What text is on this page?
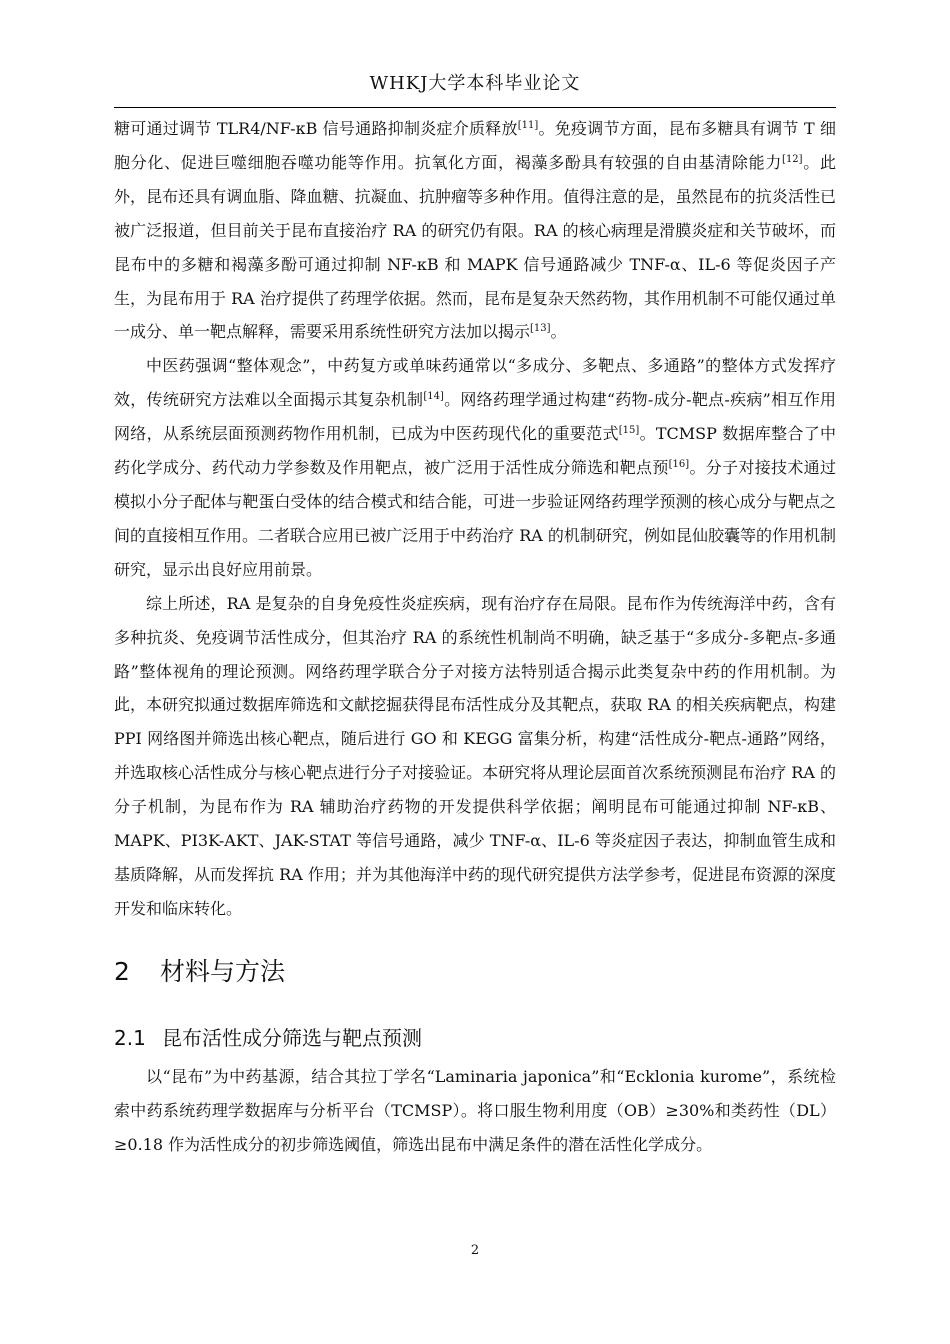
WHKJ大学本科毕业论文

糖可通过调节 TLR4/NF-κB 信号通路抑制炎症介质释放[11]。免疫调节方面，昆布多糖具有调节 T 细胞分化、促进巨噬细胞吞噬功能等作用。抗氧化方面，褐藻多酚具有较强的自由基清除能力[12]。此外，昆布还具有调血脂、降血糖、抗凝血、抗肿瘤等多种作用。值得注意的是，虽然昆布的抗炎活性已被广泛报道，但目前关于昆布直接治疗 RA 的研究仍有限。RA 的核心病理是滑膜炎症和关节破坏，而昆布中的多糖和褐藻多酚可通过抑制 NF-κB 和 MAPK 信号通路减少 TNF-α、IL-6 等促炎因子产生，为昆布用于 RA 治疗提供了药理学依据。然而，昆布是复杂天然药物，其作用机制不可能仅通过单一成分、单一靶点解释，需要采用系统性研究方法加以揭示[13]。

中医药强调“整体观念”，中药复方或单味药通常以“多成分、多靶点、多通路”的整体方式发挥疗效，传统研究方法难以全面揭示其复杂机制[14]。网络药理学通过构建“药物-成分-靶点-疾病”相互作用网络，从系统层面预测药物作用机制，已成为中医药现代化的重要范式[15]。TCMSP 数据库整合了中药化学成分、药代动力学参数及作用靶点，被广泛用于活性成分筛选和靶点预[16]。分子对接技术通过模拟小分子配体与靶蛋白受体的结合模式和结合能，可进一步验证网络药理学预测的核心成分与靶点之间的直接相互作用。二者联合应用已被广泛用于中药治疗 RA 的机制研究，例如昆仙胶囊等的作用机制研究，显示出良好应用前景。

综上所述，RA 是复杂的自身免疫性炎症疾病，现有治疗存在局限。昆布作为传统海洋中药，含有多种抗炎、免疫调节活性成分，但其治疗 RA 的系统性机制尚不明确，缺乏基于“多成分-多靶点-多通路”整体视角的理论预测。网络药理学联合分子对接方法特别适合揭示此类复杂中药的作用机制。为此，本研究拟通过数据库筛选和文献挖掘获得昆布活性成分及其靶点，获取 RA 的相关疾病靶点，构建 PPI 网络图并筛选出核心靶点，随后进行 GO 和 KEGG 富集分析，构建“活性成分-靶点-通路”网络，并选取核心活性成分与核心靶点进行分子对接验证。本研究将从理论层面首次系统预测昆布治疗 RA 的分子机制，为昆布作为 RA 辅助治疗药物的开发提供科学依据；阐明昆布可能通过抑制 NF-κB、MAPK、PI3K-AKT、JAK-STAT 等信号通路，减少 TNF-α、IL-6 等炎症因子表达，抑制血管生成和基质降解，从而发挥抗 RA 作用；并为其他海洋中药的现代研究提供方法学参考，促进昆布资源的深度开发和临床转化。

2 材料与方法
2.1 昆布活性成分筛选与靶点预测

以“昆布”为中药基源，结合其拉丁学名“Laminaria japonica”和“Ecklonia kurome”，系统检索中药系统药理学数据库与分析平台（TCMSP）。将口服生物利用度（OB）≥30%和类药性（DL）≥0.18 作为活性成分的初步筛选阈值，筛选出昆布中满足条件的潜在活性化学成分。

2
